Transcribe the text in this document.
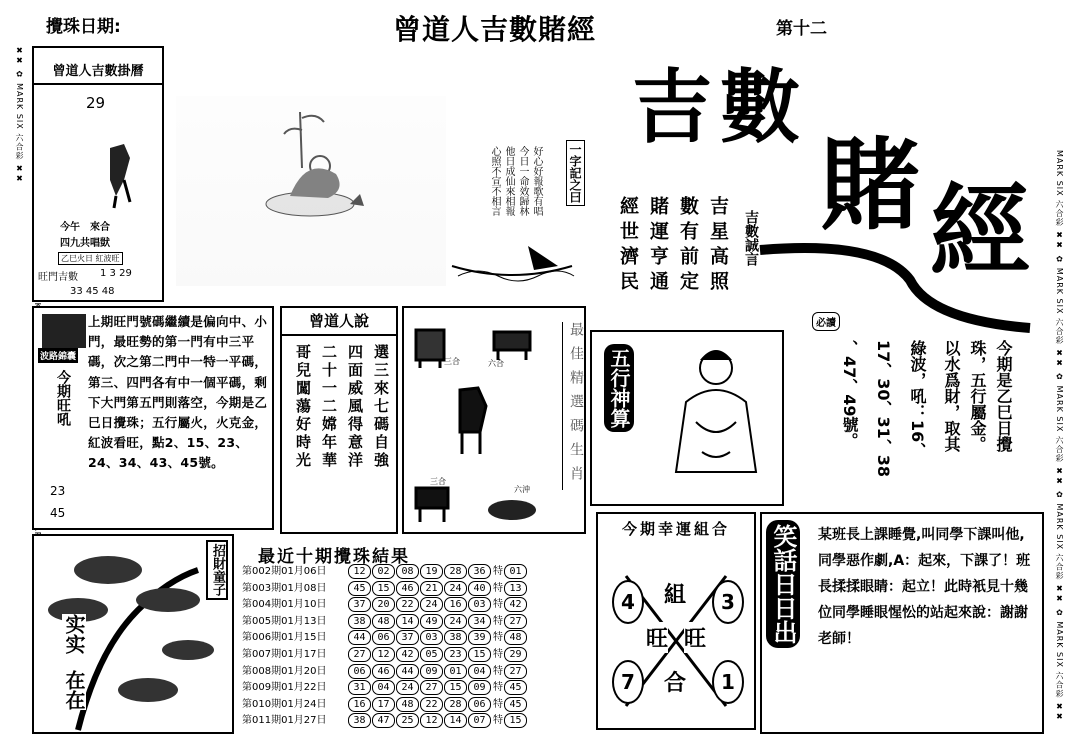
攪珠日期:	曾道人吉數賭經	第十二
MARK ✖✖ ✿ MARK SIX 六合彩 ✖✖
MARK SIX 六合彩 ✖✖ ✿ MARK SIX 六合彩 ✖✖ ✿ MARK SIX 六合彩 ✖✖ ✿ MARK SIX 六合彩 ✖✖ ✿ MARK SIX 六合彩 ✖✖
曾道人吉數掛曆
29
今午　來合
四九共唱獃
乙巳火日 紅波旺
旺門吉數 1 3 29
33 45 48
好心好報歌有唱
今日一命效歸林
他日成仙來相報
心照不宣不相言	一字記之曰
吉 數
賭 經
必讀
吉星高照
數有前定
賭運亨通
經世濟民	吉數誠言
波路錦囊
今期旺吼
23
45
上期旺門號碼繼續是偏向中、小門，最旺勢的第一門有中三平碼，次之第二門中一特一平碼，第三、四門各有中一個平碼，剩下大門第五門則落空，今期是乙巳日攪珠；五行屬火，火克金，紅波看旺，點2、15、23、24、34、43、45號。
曾道人說
選三來七碼自強
四面威風得意洋
二十一二嫦年華
哥兒闖蕩好時光	三合	六合
三合
六沖	最佳精選碼生肖 五行神算	今期是乙巳日攪
珠，五行屬金。
以水爲財，取其
綠波，吼：16、
17、30、31、38
、47、49號。
实实
在在
招財童子 最近十期攪珠結果
第002期01月06日	12 02 08 19 28 36 特 01
第003期01月08日	45 15 46 21 24 40 特 13
第004期01月10日	37 20 22 24 16 03 特 42
第005期01月13日	38 48 14 49 24 34 特 27
第006期01月15日	44 06 37 03 38 39 特 48
第007期01月17日	27 12 42 05 23 15 特 29
第008期01月20日	06 46 44 09 01 04 特 27
第009期01月22日	31 04 24 27 15 09 特 45
第010期01月24日	16 17 48 22 28 06 特 45
第011期01月27日	38 47 25 12 14 07 特 15
今期幸運組合
4	3
7	1
組
旺 旺
合
笑話日日出 某班長上課睡覺,叫同學下課叫他,同學惡作劇,A：起來，下課了！班長揉揉眼睛：起立！此時衹見十幾位同學睡眼惺忪的站起來說：謝謝老師！
